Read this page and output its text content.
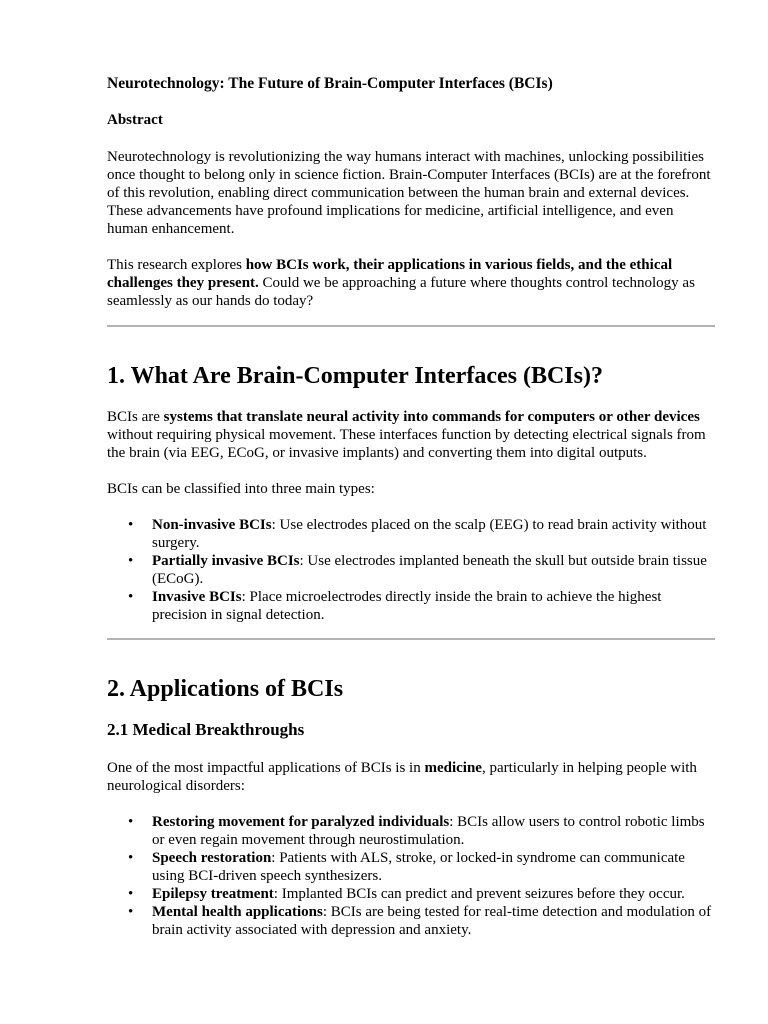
Neurotechnology: The Future of Brain-Computer Interfaces (BCIs)

Abstract

Neurotechnology is revolutionizing the way humans interact with machines, unlocking possibilities once thought to belong only in science fiction. Brain-Computer Interfaces (BCIs) are at the forefront of this revolution, enabling direct communication between the human brain and external devices. These advancements have profound implications for medicine, artificial intelligence, and even human enhancement.

This research explores how BCIs work, their applications in various fields, and the ethical challenges they present. Could we be approaching a future where thoughts control technology as seamlessly as our hands do today?

1. What Are Brain-Computer Interfaces (BCIs)?

BCIs are systems that translate neural activity into commands for computers or other devices without requiring physical movement. These interfaces function by detecting electrical signals from the brain (via EEG, ECoG, or invasive implants) and converting them into digital outputs.

BCIs can be classified into three main types:

• Non-invasive BCIs: Use electrodes placed on the scalp (EEG) to read brain activity without surgery.
• Partially invasive BCIs: Use electrodes implanted beneath the skull but outside brain tissue (ECoG).
• Invasive BCIs: Place microelectrodes directly inside the brain to achieve the highest precision in signal detection.
2. Applications of BCIs
2.1 Medical Breakthroughs

One of the most impactful applications of BCIs is in medicine, particularly in helping people with neurological disorders:

• Restoring movement for paralyzed individuals: BCIs allow users to control robotic limbs or even regain movement through neurostimulation.
• Speech restoration: Patients with ALS, stroke, or locked-in syndrome can communicate using BCI-driven speech synthesizers.
• Epilepsy treatment: Implanted BCIs can predict and prevent seizures before they occur.
• Mental health applications: BCIs are being tested for real-time detection and modulation of brain activity associated with depression and anxiety.
